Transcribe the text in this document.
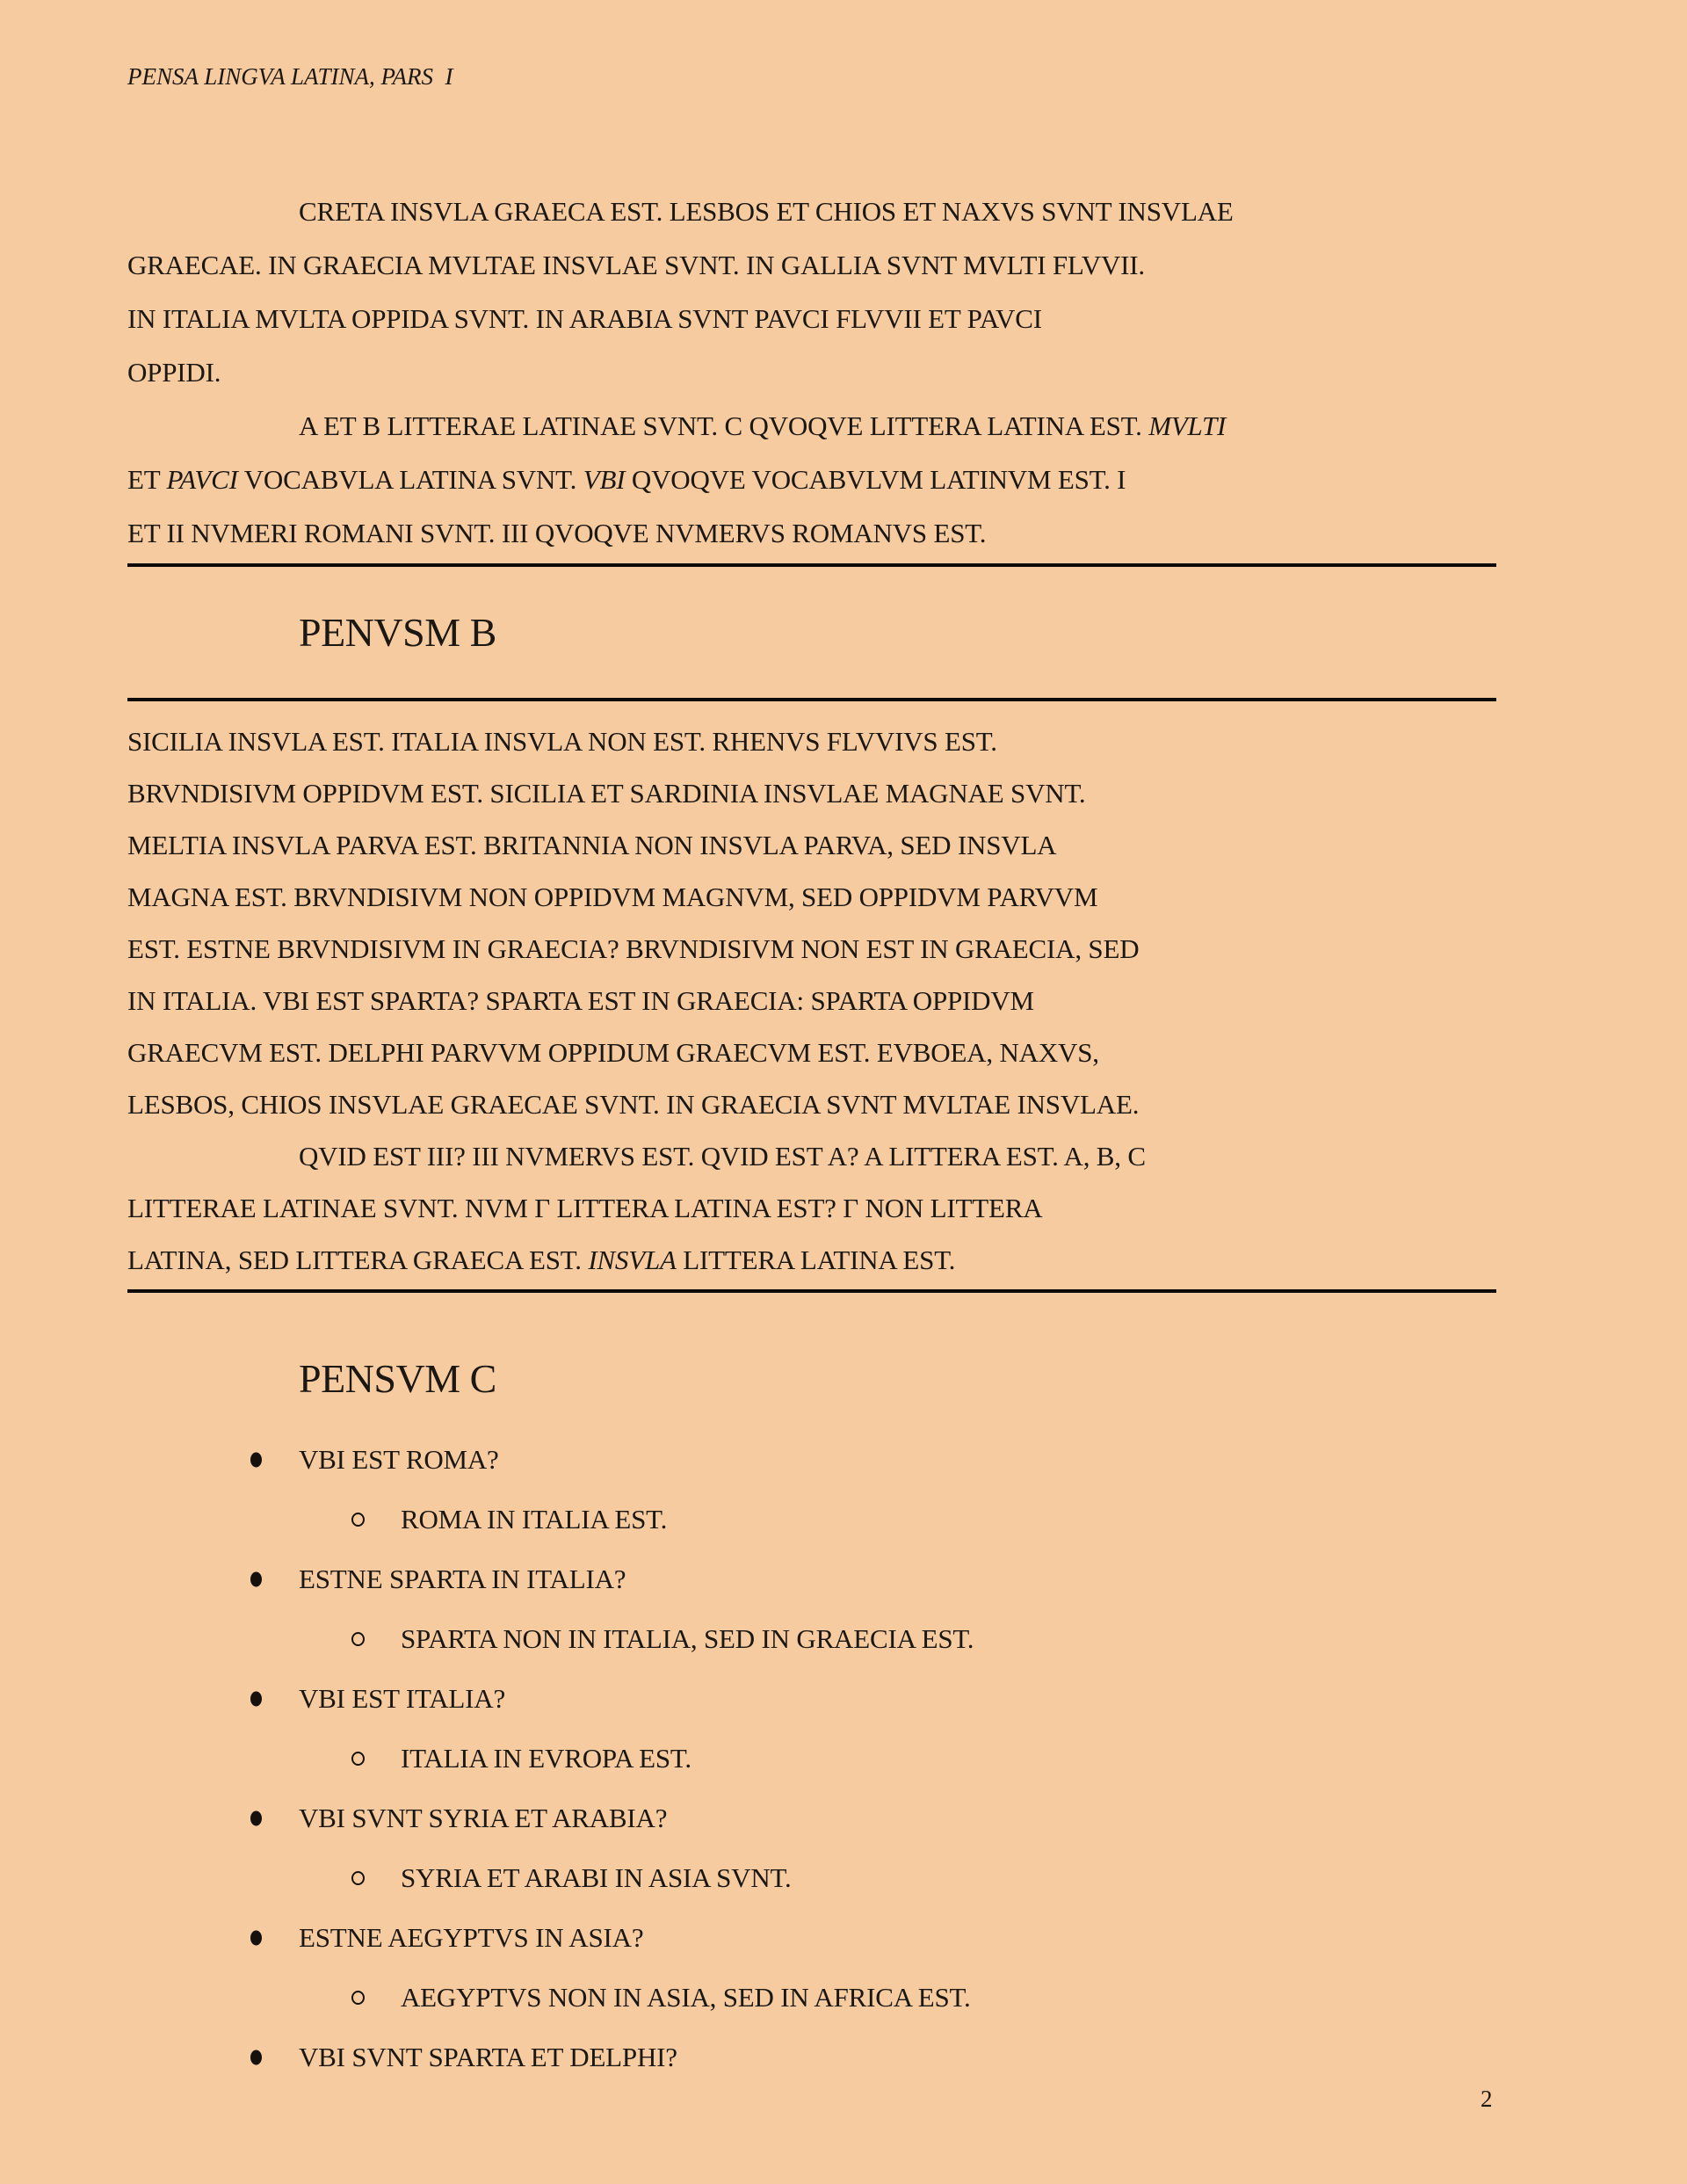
PENSA LINGVA LATINA, PARS  I
CRETA INSVLA GRAECA EST. LESBOS ET CHIOS ET NAXVS SVNT INSVLAE
GRAECAE. IN GRAECIA MVLTAE INSVLAE SVNT. IN GALLIA SVNT MVLTI FLVVII.
IN ITALIA MVLTA OPPIDA SVNT. IN ARABIA SVNT PAVCI FLVVII ET PAVCI
OPPIDI.
A ET B LITTERAE LATINAE SVNT. C QVOQVE LITTERA LATINA EST. MVLTI
ET PAVCI VOCABVLA LATINA SVNT. VBI QVOQVE VOCABVLVM LATINVM EST. I
ET II NVMERI ROMANI SVNT. III QVOQVE NVMERVS ROMANVS EST.
PENVSM B
SICILIA INSVLA EST. ITALIA INSVLA NON EST. RHENVS FLVVIVS EST.
BRVNDISIVM OPPIDVM EST. SICILIA ET SARDINIA INSVLAE MAGNAE SVNT.
MELTIA INSVLA PARVA EST. BRITANNIA NON INSVLA PARVA, SED INSVLA
MAGNA EST. BRVNDISIVM NON OPPIDVM MAGNVM, SED OPPIDVM PARVVM
EST. ESTNE BRVNDISIVM IN GRAECIA? BRVNDISIVM NON EST IN GRAECIA, SED
IN ITALIA. VBI EST SPARTA? SPARTA EST IN GRAECIA: SPARTA OPPIDVM
GRAECVM EST. DELPHI PARVVM OPPIDUM GRAECVM EST. EVBOEA, NAXVS,
LESBOS, CHIOS INSVLAE GRAECAE SVNT. IN GRAECIA SVNT MVLTAE INSVLAE.
QVID EST III? III NVMERVS EST. QVID EST A? A LITTERA EST. A, B, C
LITTERAE LATINAE SVNT. NVM Γ LITTERA LATINA EST? Γ NON LITTERA
LATINA, SED LITTERA GRAECA EST. INSVLA LITTERA LATINA EST.
PENSVM C
VBI EST ROMA?
ROMA IN ITALIA EST.
ESTNE SPARTA IN ITALIA?
SPARTA NON IN ITALIA, SED IN GRAECIA EST.
VBI EST ITALIA?
ITALIA IN EVROPA EST.
VBI SVNT SYRIA ET ARABIA?
SYRIA ET ARABI IN ASIA SVNT.
ESTNE AEGYPTVS IN ASIA?
AEGYPTVS NON IN ASIA, SED IN AFRICA EST.
VBI SVNT SPARTA ET DELPHI?
2
